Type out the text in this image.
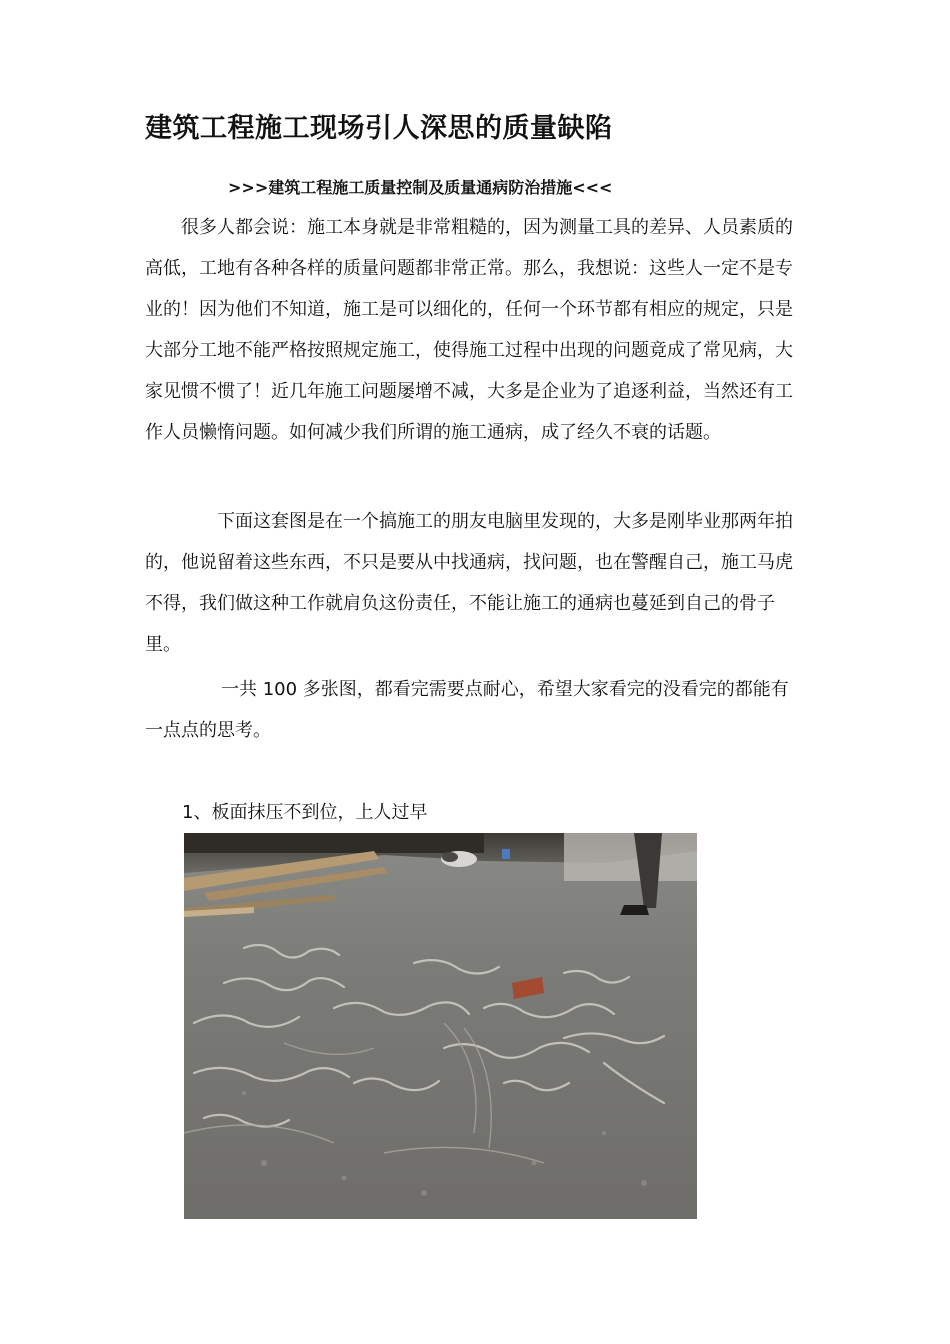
建筑工程施工现场引人深思的质量缺陷
>>>建筑工程施工质量控制及质量通病防治措施<<<

很多人都会说：施工本身就是非常粗糙的，因为测量工具的差异、人员素质的高低，工地有各种各样的质量问题都非常正常。那么，我想说：这些人一定不是专业的！因为他们不知道，施工是可以细化的，任何一个环节都有相应的规定，只是大部分工地不能严格按照规定施工，使得施工过程中出现的问题竟成了常见病，大家见惯不惯了！近几年施工问题屡增不减，大多是企业为了追逐利益，当然还有工作人员懒惰问题。如何减少我们所谓的施工通病，成了经久不衰的话题。

下面这套图是在一个搞施工的朋友电脑里发现的，大多是刚毕业那两年拍的，他说留着这些东西，不只是要从中找通病，找问题，也在警醒自己，施工马虎不得，我们做这种工作就肩负这份责任，不能让施工的通病也蔓延到自己的骨子里。

一共 100 多张图，都看完需要点耐心，希望大家看完的没看完的都能有一点点的思考。

1、板面抹压不到位，上人过早
